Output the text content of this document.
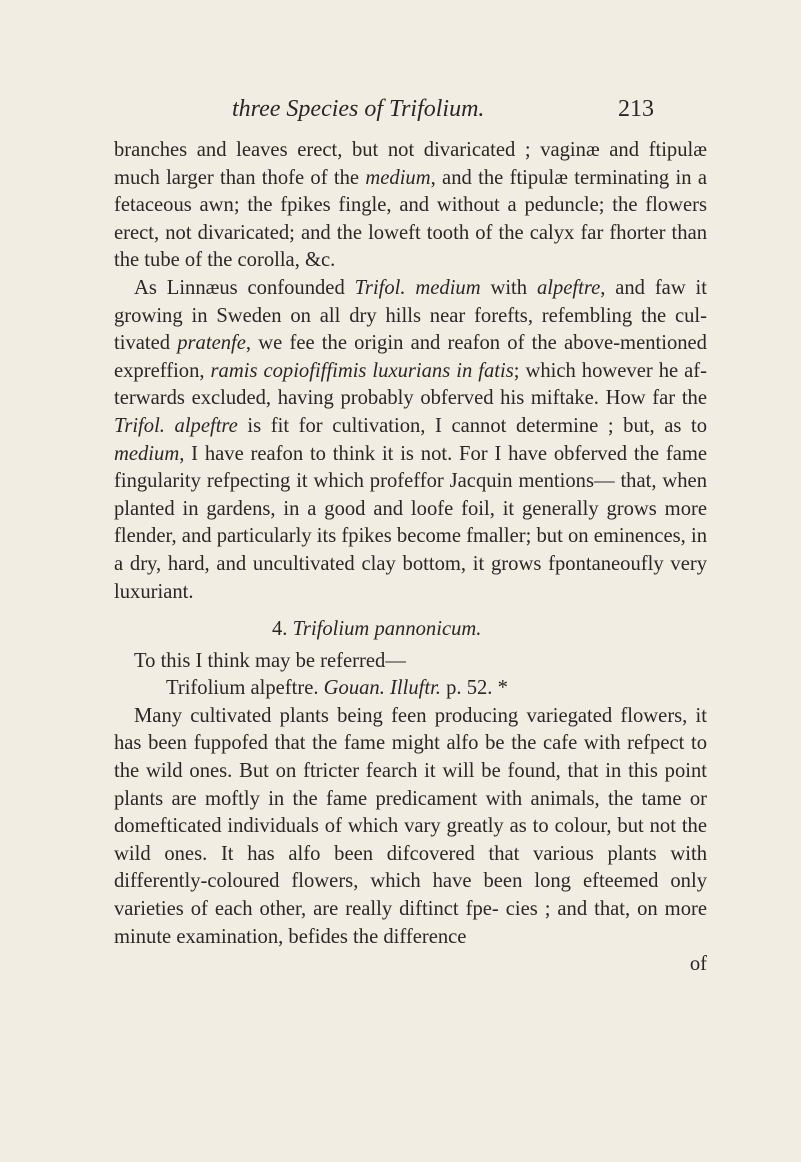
three Species of Trifolium.	213

branches and leaves erect, but not divaricated ; vaginæ and ftipulæ much larger than thofe of the medium, and the ftipulæ terminating in a fetaceous awn; the fpikes fingle, and without a peduncle; the flowers erect, not divaricated; and the loweft tooth of the calyx far fhorter than the tube of the corolla, &c.

As Linnæus confounded Trifol. medium with alpeftre, and faw it growing in Sweden on all dry hills near forefts, refembling the cul- tivated pratenfe, we fee the origin and reafon of the above-mentioned expreffion, ramis copiofiffimis luxurians in fatis; which however he af- terwards excluded, having probably obferved his miftake. How far the Trifol. alpeftre is fit for cultivation, I cannot determine ; but, as to medium, I have reafon to think it is not. For I have obferved the fame fingularity refpecting it which profeffor Jacquin mentions— that, when planted in gardens, in a good and loofe foil, it generally grows more flender, and particularly its fpikes become fmaller; but on eminences, in a dry, hard, and uncultivated clay bottom, it grows fpontaneoufly very luxuriant.

4. Trifolium pannonicum.

To this I think may be referred—

Trifolium alpeftre. Gouan. Illuftr. p. 52. *

Many cultivated plants being feen producing variegated flowers, it has been fuppofed that the fame might alfo be the cafe with refpect to the wild ones. But on ftricter fearch it will be found, that in this point plants are moftly in the fame predicament with animals, the tame or domefticated individuals of which vary greatly as to colour, but not the wild ones. It has alfo been difcovered that various plants with differently-coloured flowers, which have been long efteemed only varieties of each other, are really diftinct fpe- cies ; and that, on more minute examination, befides the difference

of
